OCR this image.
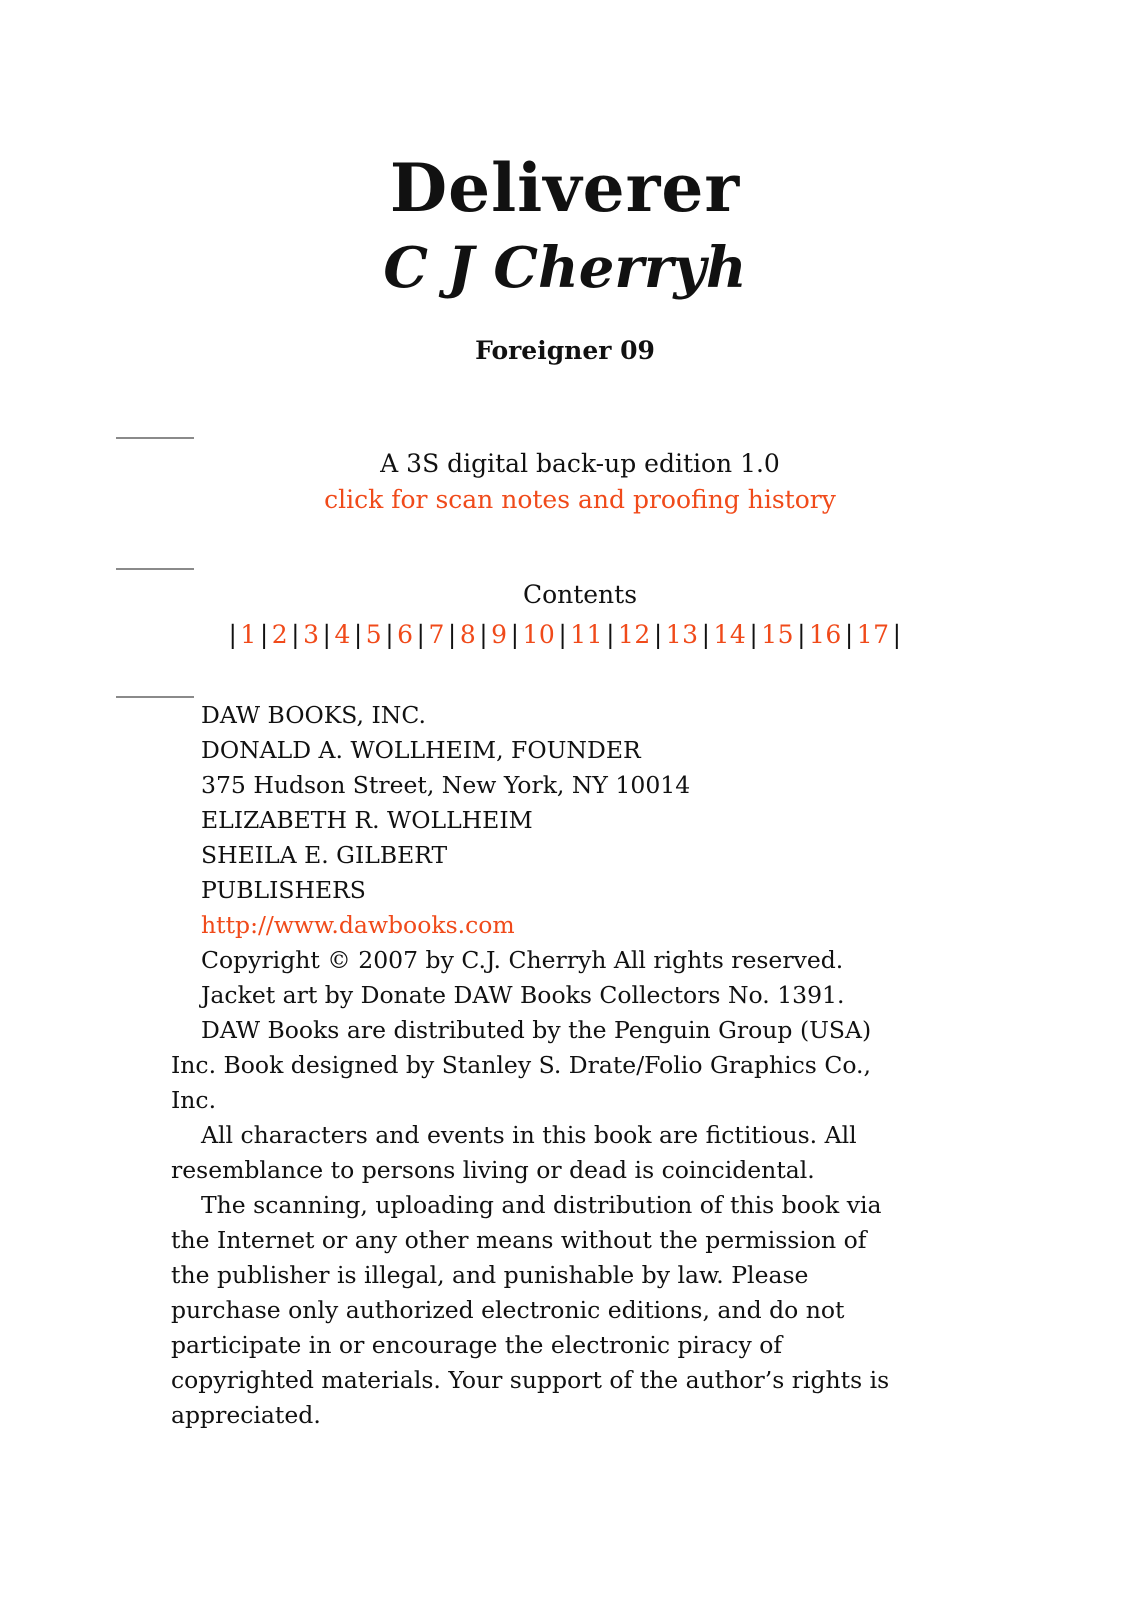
Deliverer
C J Cherryh
Foreigner 09
A 3S digital back-up edition 1.0
click for scan notes and proofing history
Contents
| 1 | 2 | 3 | 4 | 5 | 6 | 7 | 8 | 9 | 10 | 11 | 12 | 13 | 14 | 15 | 16 | 17 |
DAW BOOKS, INC.
DONALD A. WOLLHEIM, FOUNDER
375 Hudson Street, New York, NY 10014
ELIZABETH R. WOLLHEIM
SHEILA E. GILBERT
PUBLISHERS
http://www.dawbooks.com
Copyright © 2007 by C.J. Cherryh All rights reserved.
Jacket art by Donate DAW Books Collectors No. 1391.

DAW Books are distributed by the Penguin Group (USA) Inc. Book designed by Stanley S. Drate/Folio Graphics Co., Inc.

All characters and events in this book are fictitious. All resemblance to persons living or dead is coincidental.

The scanning, uploading and distribution of this book via the Internet or any other means without the permission of the publisher is illegal, and punishable by law. Please purchase only authorized electronic editions, and do not participate in or encourage the electronic piracy of copyrighted materials. Your support of the author’s rights is appreciated.
